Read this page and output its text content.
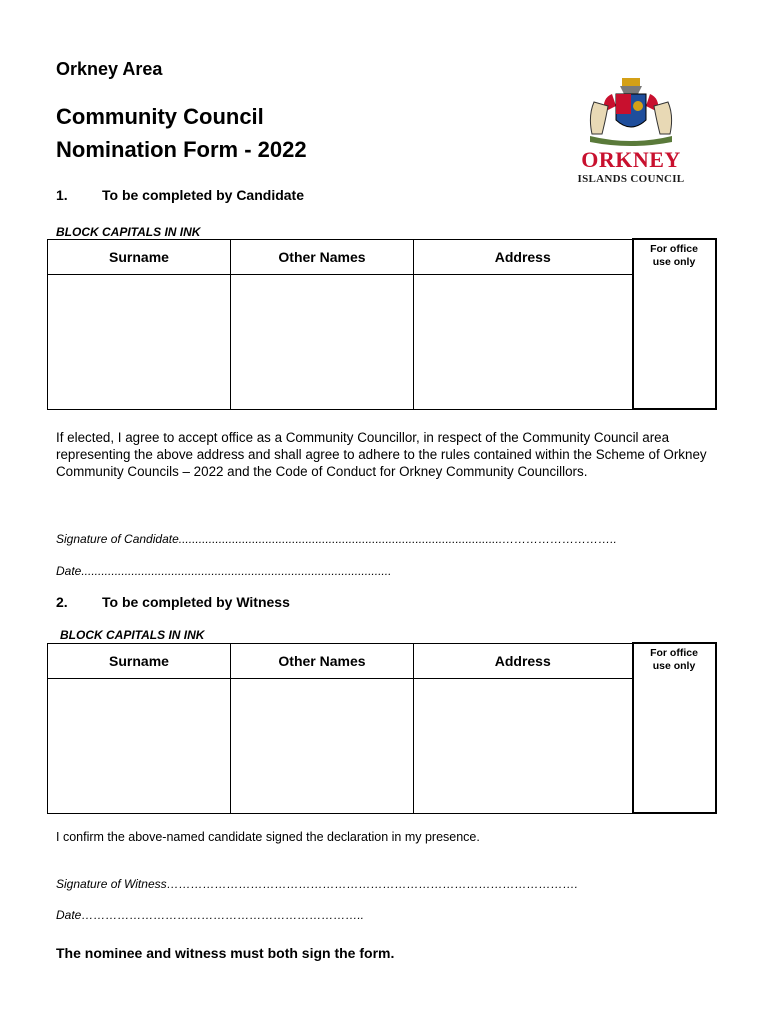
Orkney Area
Community Council
Nomination Form - 2022	ORKNEY
ISLANDS COUNCIL
1. To be completed by Candidate
BLOCK CAPITALS IN INK
Surname	Other Names	Address	For office
use only

If elected, I agree to accept office as a Community Councillor, in respect of the Community Council area representing the above address and shall agree to adhere to the rules contained within the Scheme of Orkney Community Councils – 2022 and the Code of Conduct for Orkney Community Councillors.
Signature of Candidate.................................................................................................………………………..
Date.............................................................................................
2. To be completed by Witness
BLOCK CAPITALS IN INK
Surname	Other Names	Address	For office
use only

I confirm the above-named candidate signed the declaration in my presence.
Signature of Witness………………………………………………………………………………………….
Date……………………………………………………………..
The nominee and witness must both sign the form.
